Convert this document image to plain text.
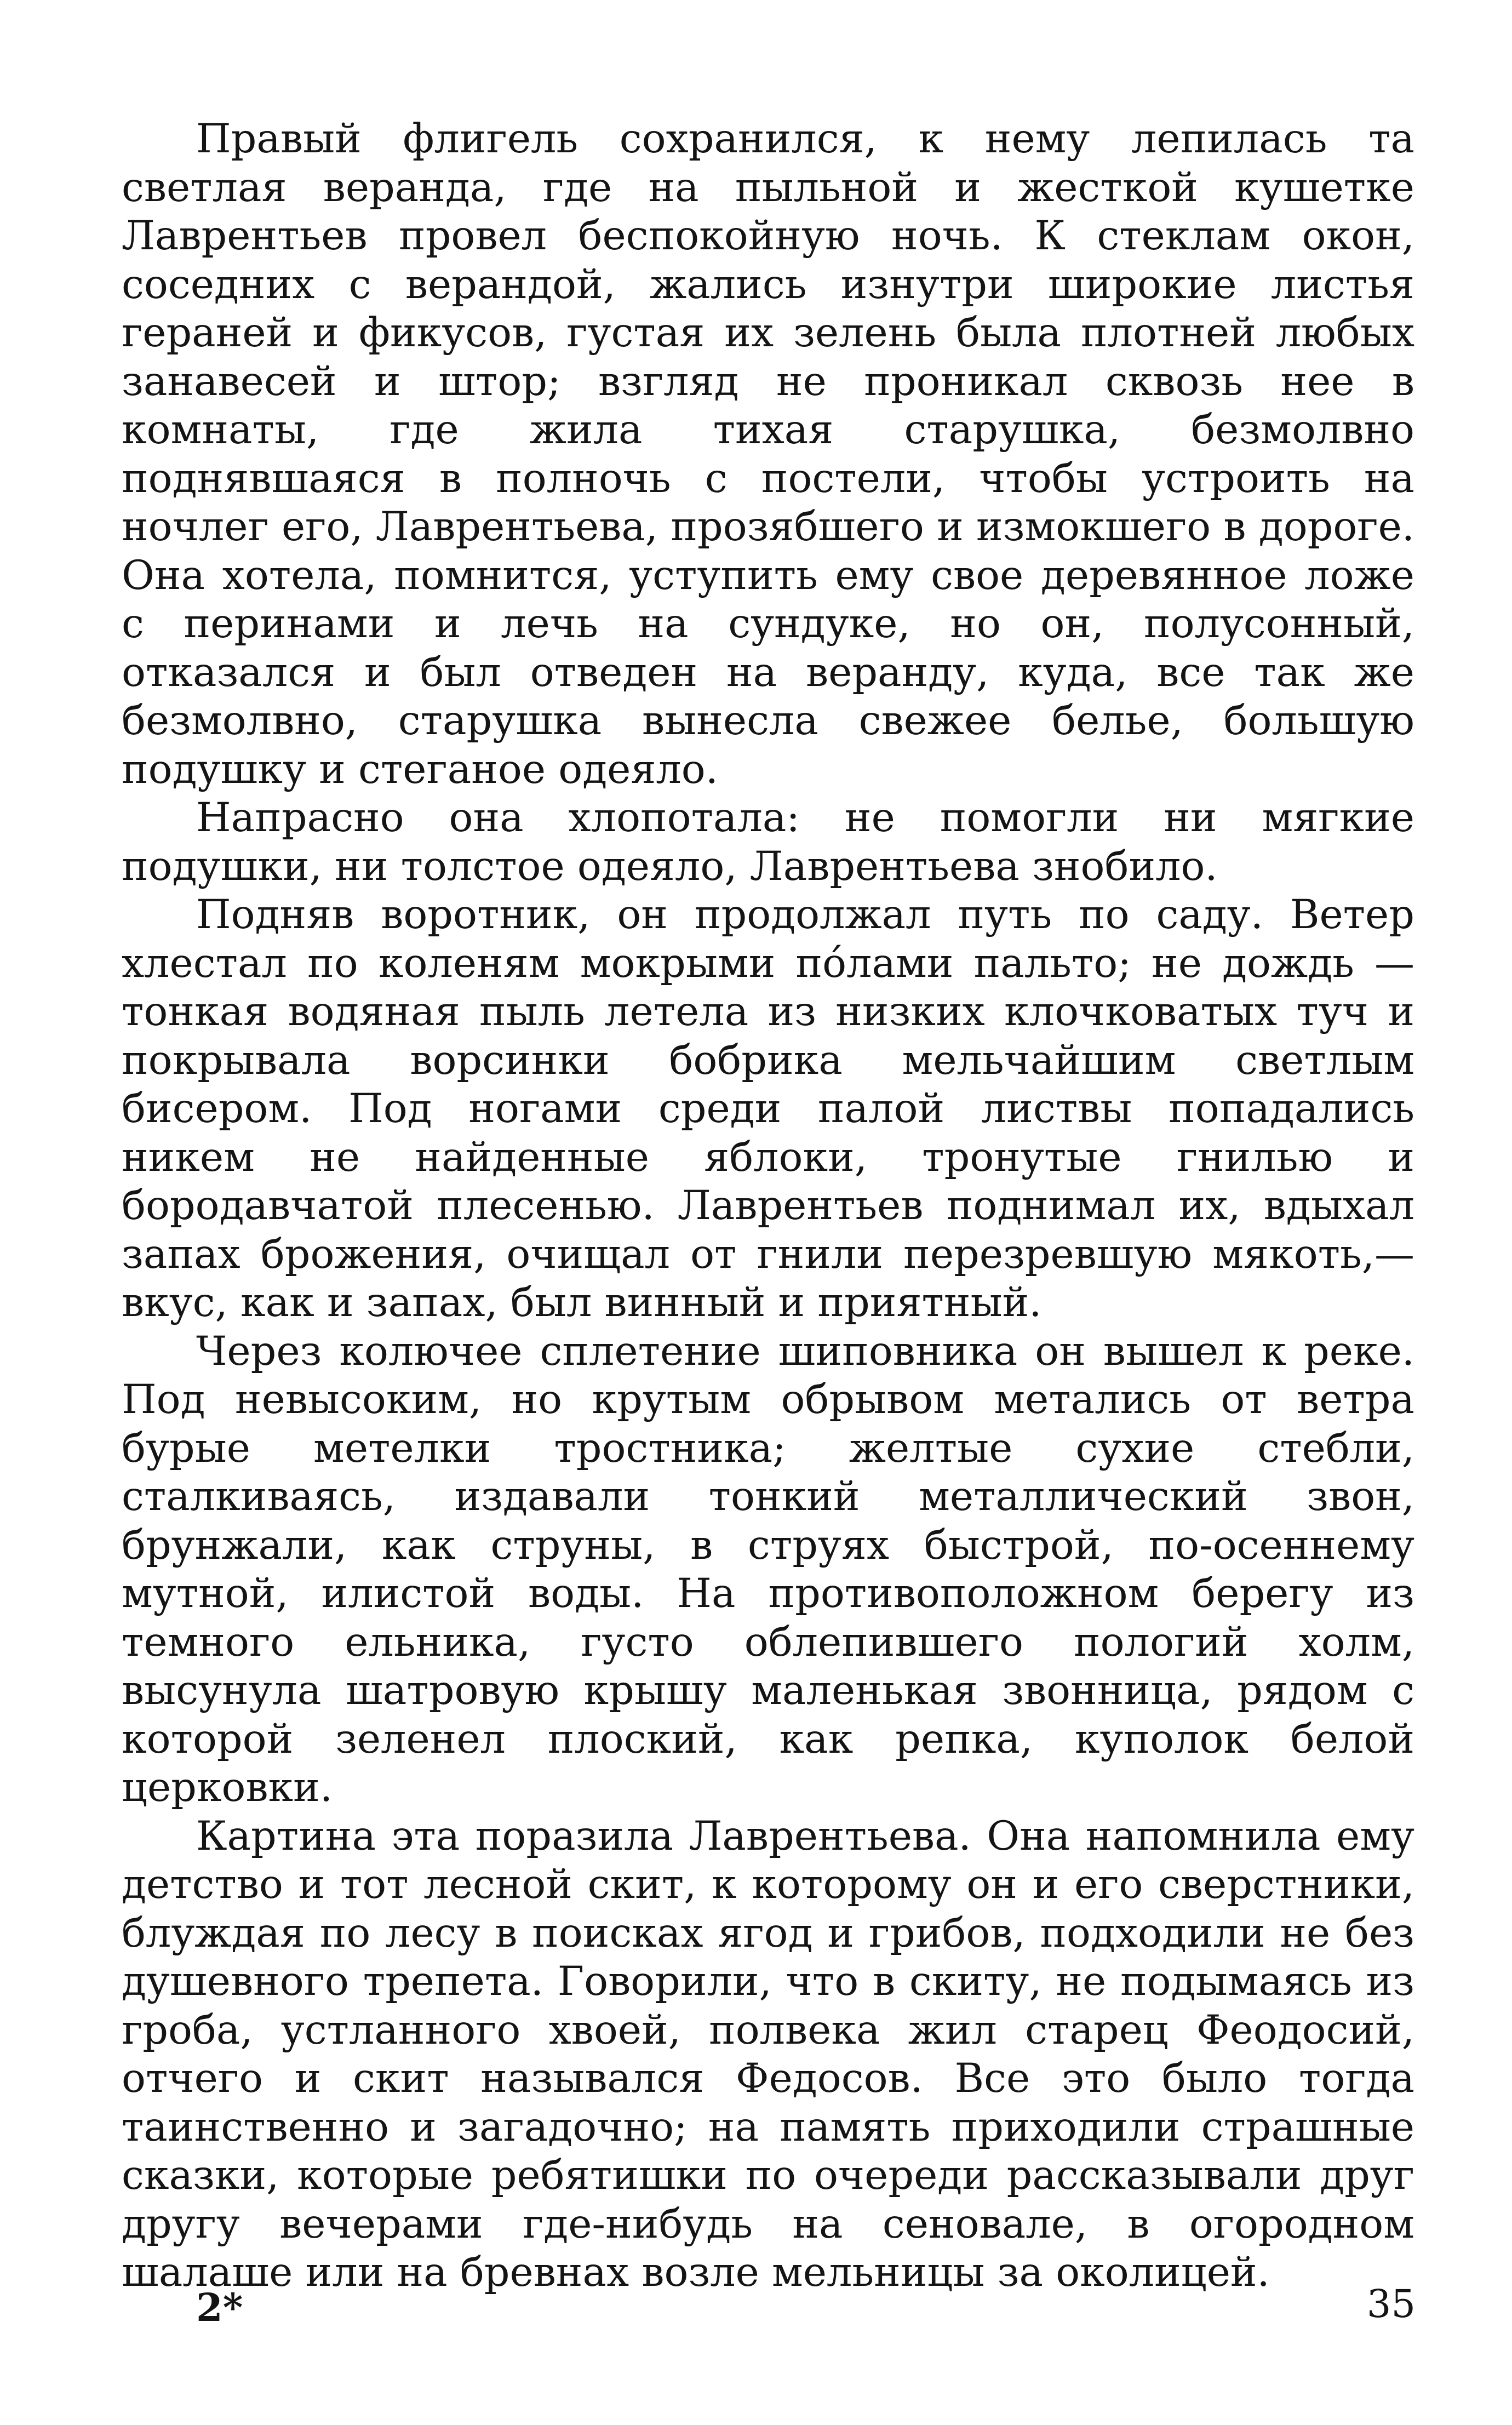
Правый флигель сохранился, к нему лепилась та светлая веранда, где на пыльной и жесткой кушетке Лаврентьев провел беспокойную ночь. К стеклам окон, соседних с верандой, жались изнутри широкие листья гераней и фикусов, густая их зелень была плотней любых занавесей и штор; взгляд не проникал сквозь нее в комнаты, где жила тихая старушка, безмолвно поднявшаяся в полночь с постели, чтобы устроить на ночлег его, Лаврентьева, прозябшего и измокшего в дороге. Она хотела, помнится, уступить ему свое деревянное ложе с перинами и лечь на сундуке, но он, полусонный, отказался и был отведен на веранду, куда, все так же безмолвно, старушка вынесла свежее белье, большую подушку и стеганое одеяло.

Напрасно она хлопотала: не помогли ни мягкие подушки, ни толстое одеяло, Лаврентьева знобило.

Подняв воротник, он продолжал путь по саду. Ветер хлестал по коленям мокрыми пóлами пальто; не дождь — тонкая водяная пыль летела из низких клочковатых туч и покрывала ворсинки бобрика мельчайшим светлым бисером. Под ногами среди палой листвы попадались никем не найденные яблоки, тронутые гнилью и бородавчатой плесенью. Лаврентьев поднимал их, вдыхал запах брожения, очищал от гнили перезревшую мякоть,— вкус, как и запах, был винный и приятный.

Через колючее сплетение шиповника он вышел к реке. Под невысоким, но крутым обрывом метались от ветра бурые метелки тростника; желтые сухие стебли, сталкиваясь, издавали тонкий металлический звон, брунжали, как струны, в струях быстрой, по-осеннему мутной, илистой воды. На противоположном берегу из темного ельника, густо облепившего пологий холм, высунула шатровую крышу маленькая звонница, рядом с которой зеленел плоский, как репка, куполок белой церковки.

Картина эта поразила Лаврентьева. Она напомнила ему детство и тот лесной скит, к которому он и его сверстники, блуждая по лесу в поисках ягод и грибов, подходили не без душевного трепета. Говорили, что в скиту, не подымаясь из гроба, устланного хвоей, полвека жил старец Феодосий, отчего и скит назывался Федосов. Все это было тогда таинственно и загадочно; на память приходили страшные сказки, которые ребятишки по очереди рассказывали друг другу вечерами где-нибудь на сеновале, в огородном шалаше или на бревнах возле мельницы за околицей.

2*	35
